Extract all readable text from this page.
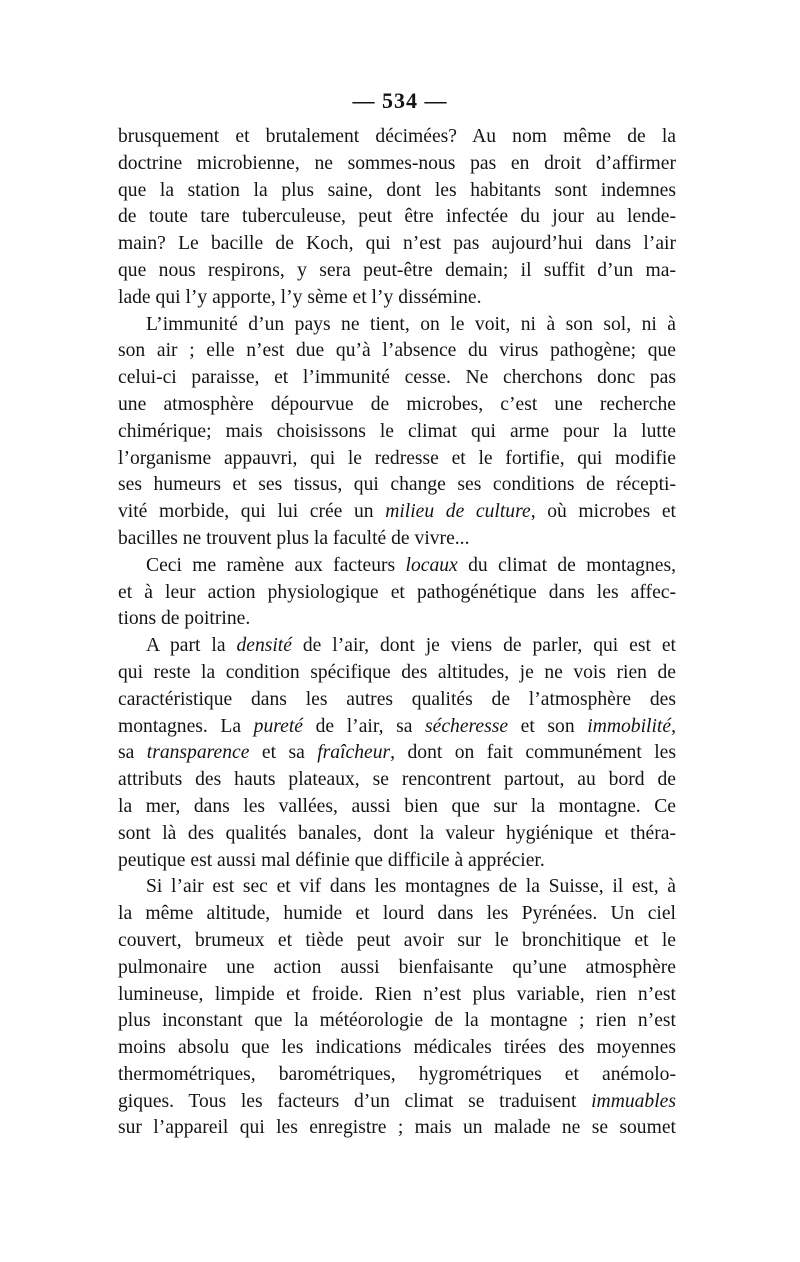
— 534 —
brusquement et brutalement décimées? Au nom même de la
doctrine microbienne, ne sommes-nous pas en droit d’affirmer
que la station la plus saine, dont les habitants sont indemnes
de toute tare tuberculeuse, peut être infectée du jour au lende-
main? Le bacille de Koch, qui n’est pas aujourd’hui dans l’air
que nous respirons, y sera peut-être demain; il suffit d’un ma-
lade qui l’y apporte, l’y sème et l’y dissémine.
L’immunité d’un pays ne tient, on le voit, ni à son sol, ni à
son air ; elle n’est due qu’à l’absence du virus pathogène; que
celui-ci paraisse, et l’immunité cesse. Ne cherchons donc pas
une atmosphère dépourvue de microbes, c’est une recherche
chimérique; mais choisissons le climat qui arme pour la lutte
l’organisme appauvri, qui le redresse et le fortifie, qui modifie
ses humeurs et ses tissus, qui change ses conditions de récepti-
vité morbide, qui lui crée un milieu de culture, où microbes et
bacilles ne trouvent plus la faculté de vivre...
Ceci me ramène aux facteurs locaux du climat de montagnes,
et à leur action physiologique et pathogénétique dans les affec-
tions de poitrine.
A part la densité de l’air, dont je viens de parler, qui est et
qui reste la condition spécifique des altitudes, je ne vois rien de
caractéristique dans les autres qualités de l’atmosphère des
montagnes. La pureté de l’air, sa sécheresse et son immobilité,
sa transparence et sa fraîcheur, dont on fait communément les
attributs des hauts plateaux, se rencontrent partout, au bord de
la mer, dans les vallées, aussi bien que sur la montagne. Ce
sont là des qualités banales, dont la valeur hygiénique et théra-
peutique est aussi mal définie que difficile à apprécier.
Si l’air est sec et vif dans les montagnes de la Suisse, il est, à
la même altitude, humide et lourd dans les Pyrénées. Un ciel
couvert, brumeux et tiède peut avoir sur le bronchitique et le
pulmonaire une action aussi bienfaisante qu’une atmosphère
lumineuse, limpide et froide. Rien n’est plus variable, rien n’est
plus inconstant que la météorologie de la montagne ; rien n’est
moins absolu que les indications médicales tirées des moyennes
thermométriques, barométriques, hygrométriques et anémolo-
giques. Tous les facteurs d’un climat se traduisent immuables
sur l’appareil qui les enregistre ; mais un malade ne se soumet
